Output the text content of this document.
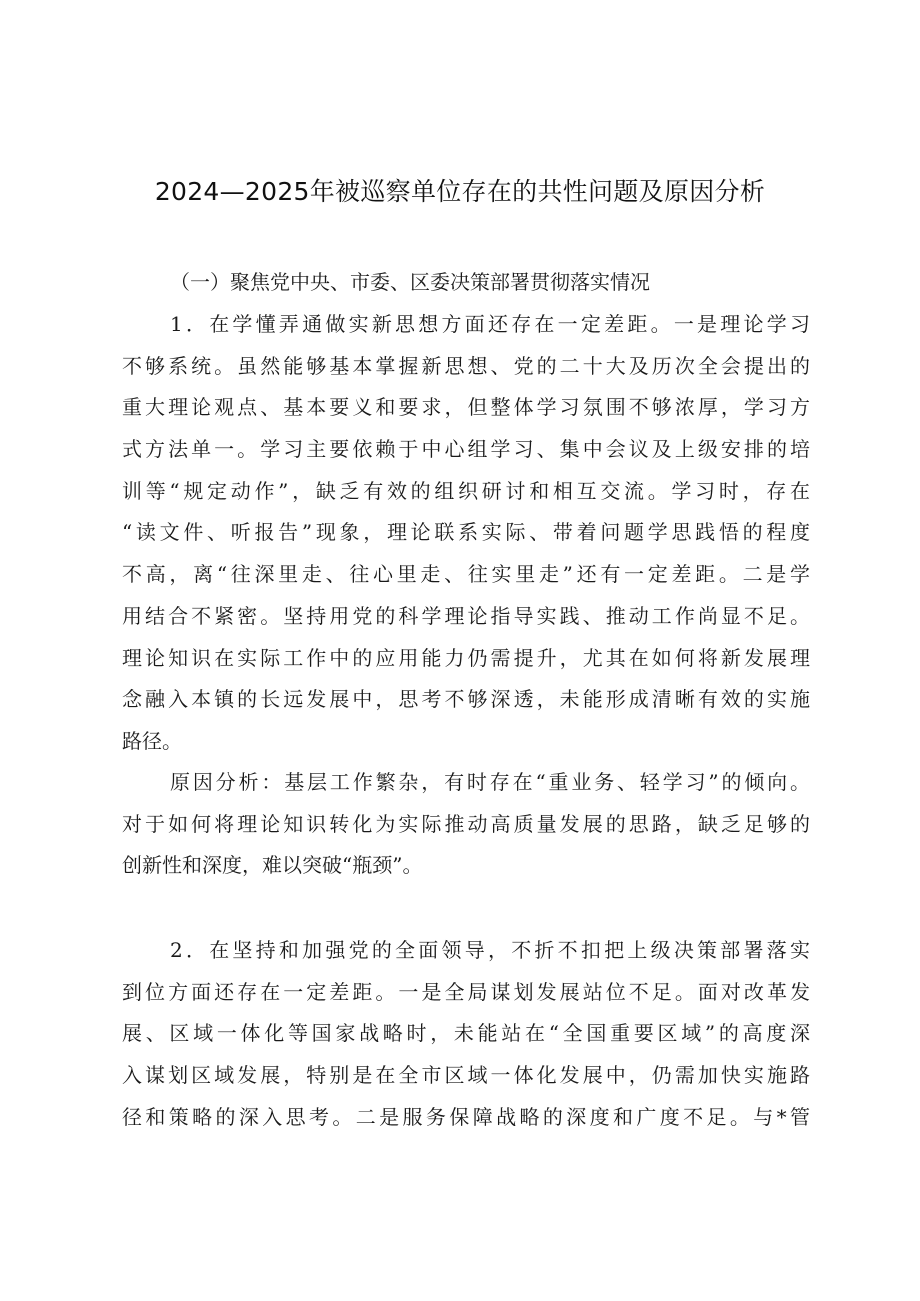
2024—2025年被巡察单位存在的共性问题及原因分析
（一）聚焦党中央、市委、区委决策部署贯彻落实情况
1．在学懂弄通做实新思想方面还存在一定差距。一是理论学习
不够系统。虽然能够基本掌握新思想、党的二十大及历次全会提出的
重大理论观点、基本要义和要求，但整体学习氛围不够浓厚，学习方
式方法单一。学习主要依赖于中心组学习、集中会议及上级安排的培
训等“规定动作”，缺乏有效的组织研讨和相互交流。学习时，存在
“读文件、听报告”现象，理论联系实际、带着问题学思践悟的程度
不高，离“往深里走、往心里走、往实里走”还有一定差距。二是学
用结合不紧密。坚持用党的科学理论指导实践、推动工作尚显不足。
理论知识在实际工作中的应用能力仍需提升，尤其在如何将新发展理
念融入本镇的长远发展中，思考不够深透，未能形成清晰有效的实施
路径。
原因分析：基层工作繁杂，有时存在“重业务、轻学习”的倾向。
对于如何将理论知识转化为实际推动高质量发展的思路，缺乏足够的
创新性和深度，难以突破“瓶颈”。
2．在坚持和加强党的全面领导，不折不扣把上级决策部署落实
到位方面还存在一定差距。一是全局谋划发展站位不足。面对改革发
展、区域一体化等国家战略时，未能站在“全国重要区域”的高度深
入谋划区域发展，特别是在全市区域一体化发展中，仍需加快实施路
径和策略的深入思考。二是服务保障战略的深度和广度不足。与*管
